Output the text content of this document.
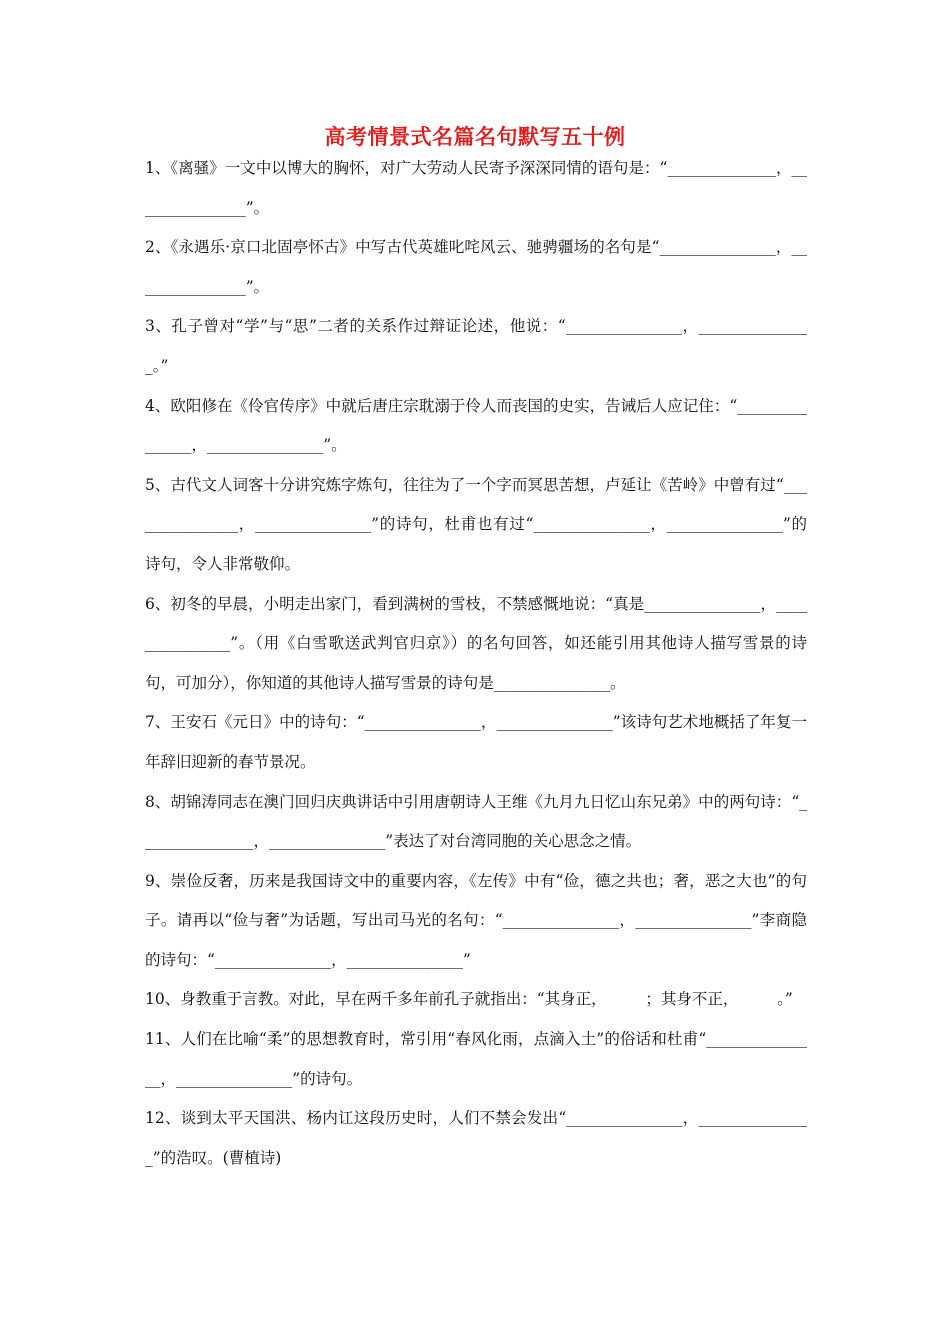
高考情景式名篇名句默写五十例

1、《离骚》一文中以博大的胸怀，对广大劳动人民寄予深深同情的语句是：“______________，_______________”。

2、《永遇乐·京口北固亭怀古》中写古代英雄叱咤风云、驰骋疆场的名句是“_______________，_______________”。

3、孔子曾对“学”与“思”二者的关系作过辩证论述，他说：“_______________，_______________。”

4、欧阳修在《伶官传序》中就后唐庄宗耽溺于伶人而丧国的史实，告诫后人应记住：“_______________，_______________”。

5、古代文人词客十分讲究炼字炼句，往往为了一个字而冥思苦想，卢延让《苦岭》中曾有过“_______________，_______________”的诗句，杜甫也有过“_______________，_______________”的诗句，令人非常敬仰。

6、初冬的早晨，小明走出家门，看到满树的雪枝，不禁感慨地说：“真是_______________，_______________”。（用《白雪歌送武判官归京》）的名句回答，如还能引用其他诗人描写雪景的诗句，可加分），你知道的其他诗人描写雪景的诗句是_______________。

7、王安石《元日》中的诗句：“_______________，_______________”该诗句艺术地概括了年复一年辞旧迎新的春节景况。

8、胡锦涛同志在澳门回归庆典讲话中引用唐朝诗人王维《九月九日忆山东兄弟》中的两句诗：“_______________，_______________”表达了对台湾同胞的关心思念之情。

9、崇俭反奢，历来是我国诗文中的重要内容，《左传》中有“俭，德之共也；奢，恶之大也”的句子。请再以“俭与奢”为话题，写出司马光的名句：“_______________，_______________”李商隐的诗句：“_______________，_______________”

10、身教重于言教。对此，早在两千多年前孔子就指出：“其身正，　　　；其身不正，　　　。”

11、人们在比喻“柔”的思想教育时，常引用“春风化雨，点滴入土”的俗话和杜甫“_______________，_______________”的诗句。

12、谈到太平天国洪、杨内讧这段历史时，人们不禁会发出“_______________，_______________”的浩叹。(曹植诗)
